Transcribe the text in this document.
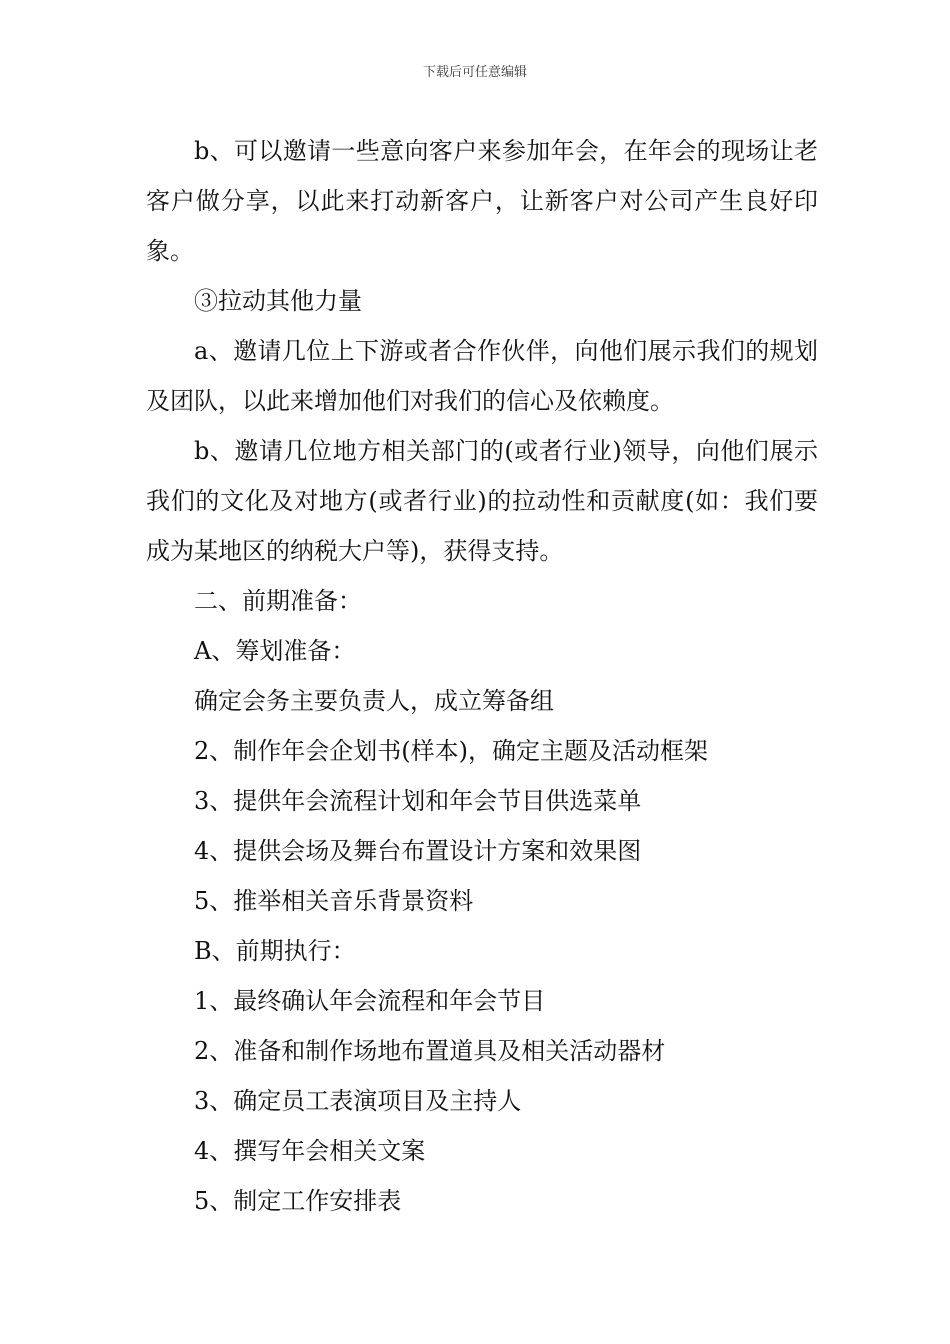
下载后可任意编辑

b、可以邀请一些意向客户来参加年会，在年会的现场让老客户做分享，以此来打动新客户，让新客户对公司产生良好印象。

③拉动其他力量

a、邀请几位上下游或者合作伙伴，向他们展示我们的规划及团队，以此来增加他们对我们的信心及依赖度。

b、邀请几位地方相关部门的(或者行业)领导，向他们展示我们的文化及对地方(或者行业)的拉动性和贡献度(如：我们要成为某地区的纳税大户等)，获得支持。

二、前期准备：

A、筹划准备：

确定会务主要负责人，成立筹备组

2、制作年会企划书(样本)，确定主题及活动框架

3、提供年会流程计划和年会节目供选菜单

4、提供会场及舞台布置设计方案和效果图

5、推举相关音乐背景资料

B、前期执行：

1、最终确认年会流程和年会节目

2、准备和制作场地布置道具及相关活动器材

3、确定员工表演项目及主持人

4、撰写年会相关文案

5、制定工作安排表
